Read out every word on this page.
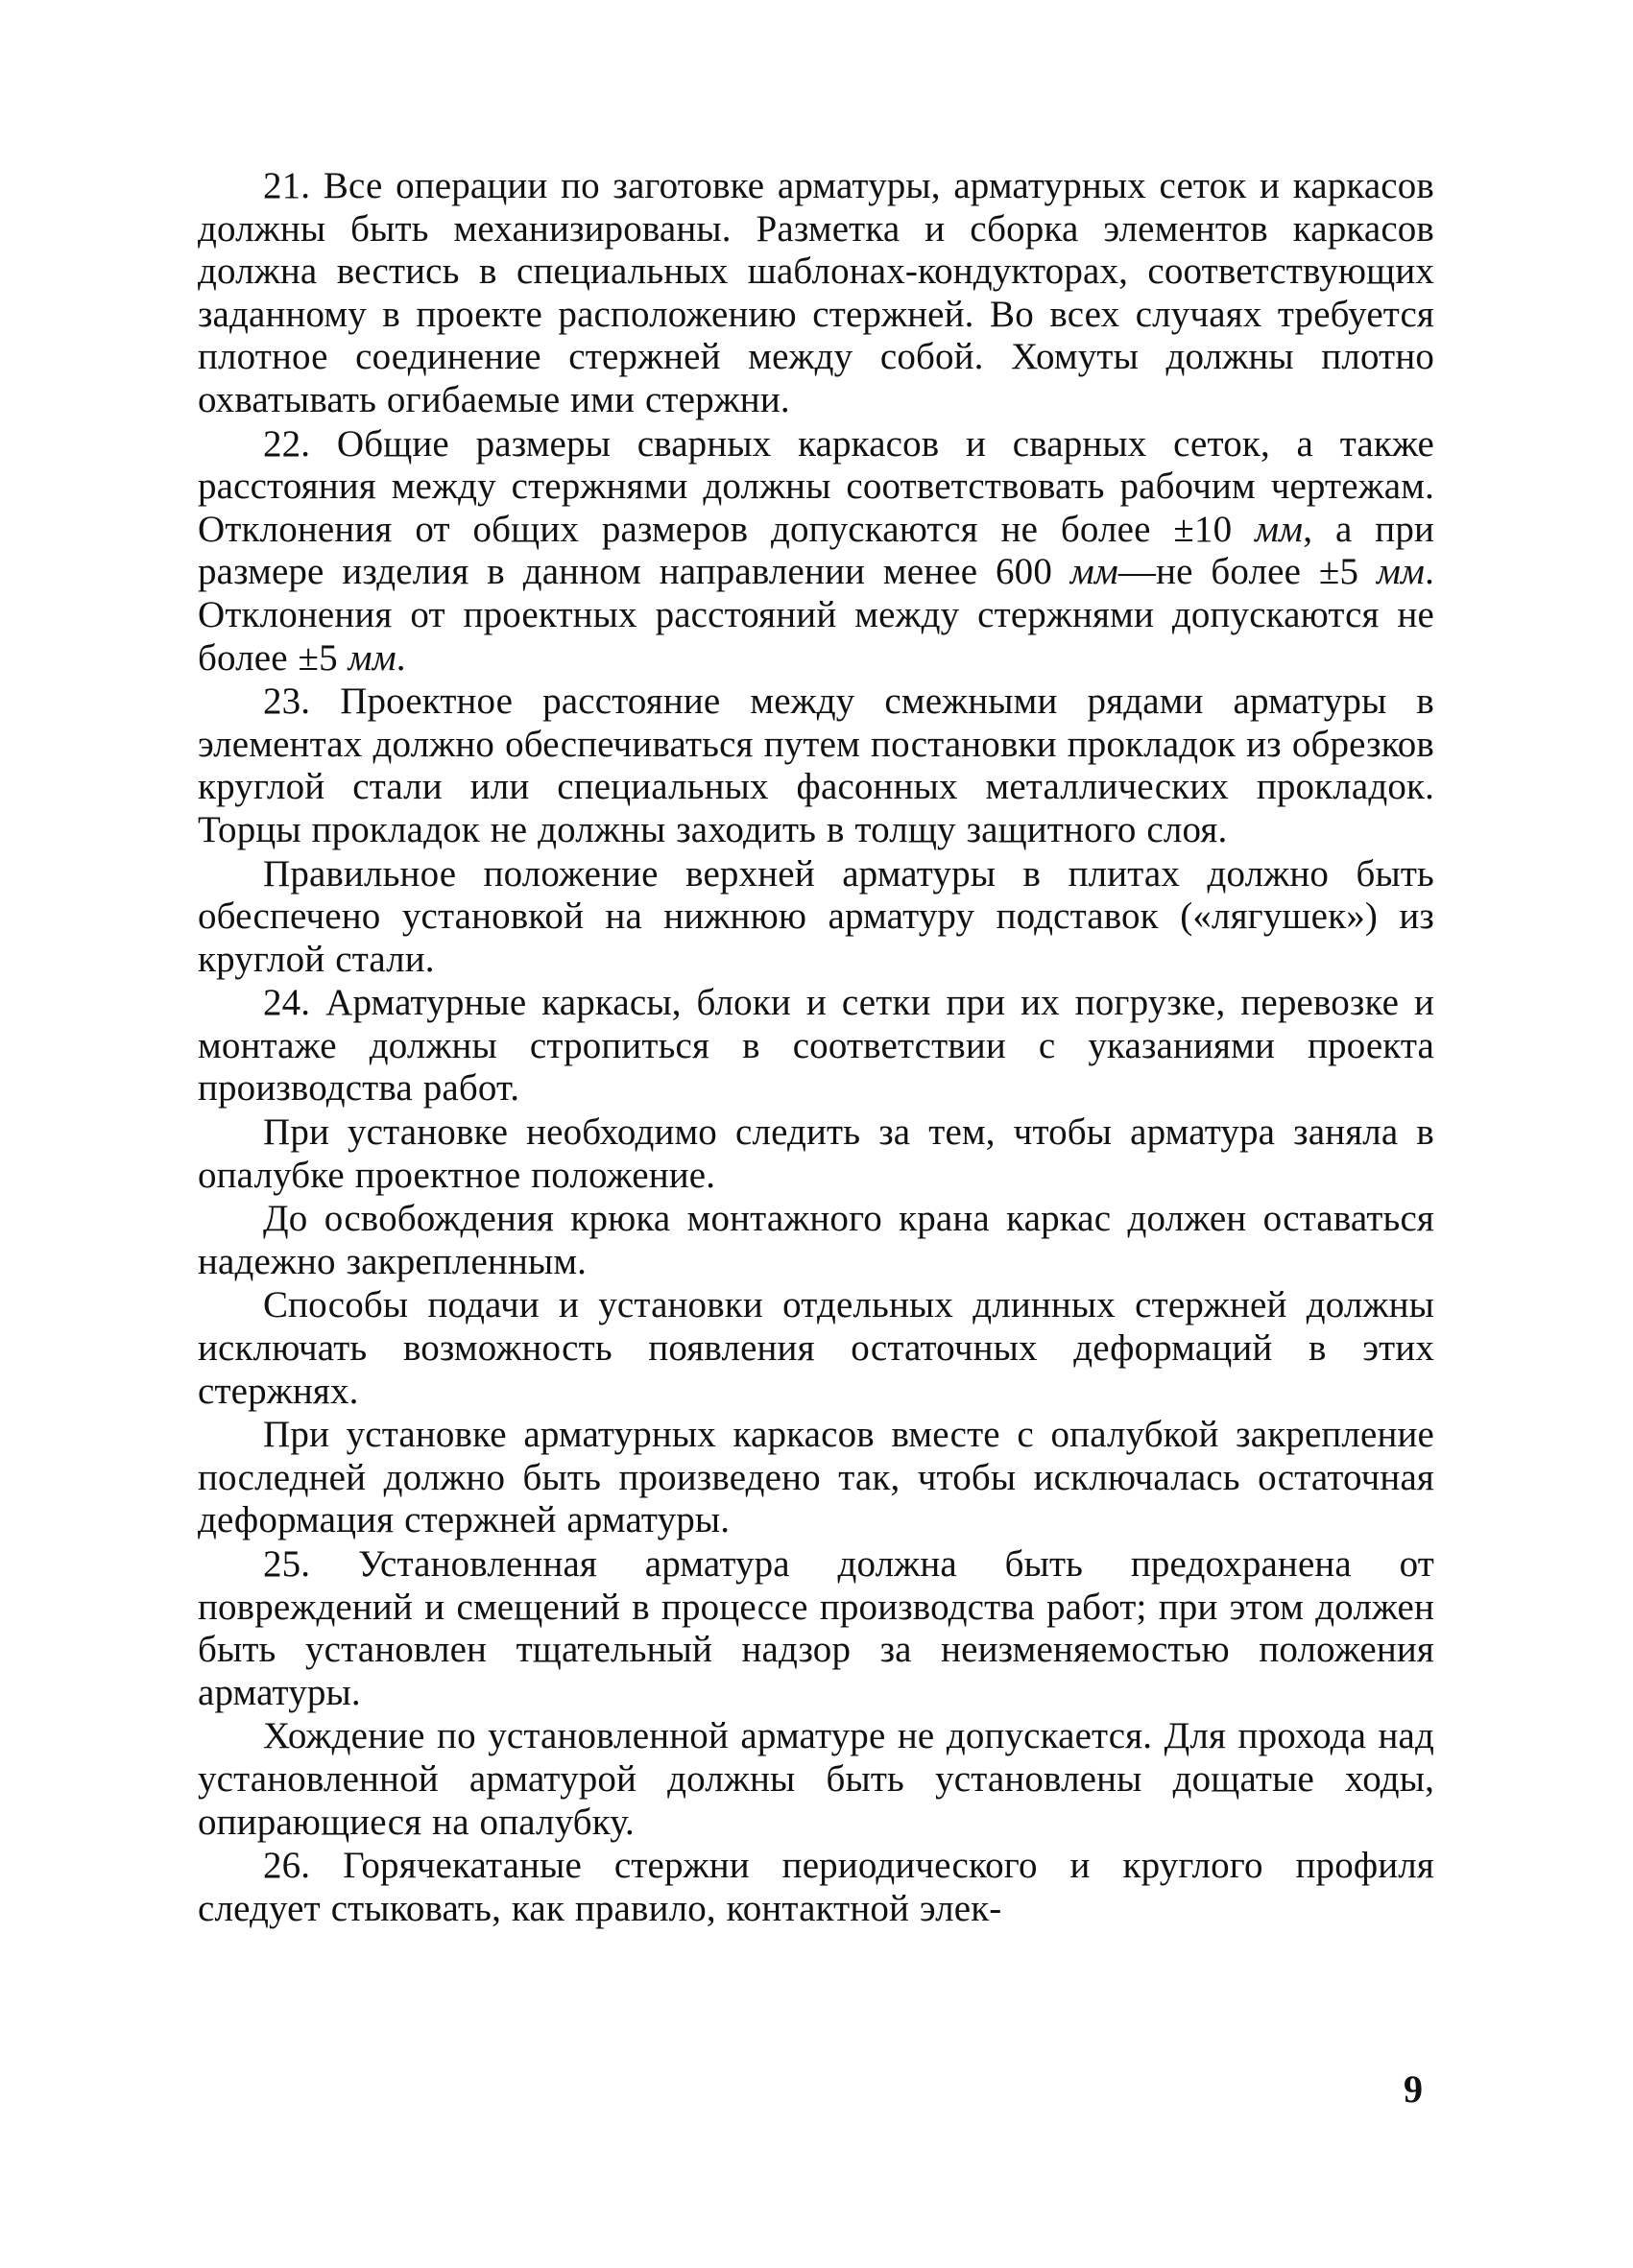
21. Все операции по заготовке арматуры, арматурных сеток и каркасов должны быть механизированы. Разметка и сборка элементов каркасов должна вестись в специальных шаблонах-кондукторах, соответствующих заданному в проекте расположению стержней. Во всех случаях требуется плотное соединение стержней между собой. Хомуты должны плотно охватывать огибаемые ими стержни.

22. Общие размеры сварных каркасов и сварных сеток, а также расстояния между стержнями должны соответствовать рабочим чертежам. Отклонения от общих размеров допускаются не более ±10 мм, а при размере изделия в данном направлении менее 600 мм—не более ±5 мм. Отклонения от проектных расстояний между стержнями допускаются не более ±5 мм.

23. Проектное расстояние между смежными рядами арматуры в элементах должно обеспечиваться путем постановки прокладок из обрезков круглой стали или специальных фасонных металлических прокладок. Торцы прокладок не должны заходить в толщу защитного слоя.

Правильное положение верхней арматуры в плитах должно быть обеспечено установкой на нижнюю арматуру подставок («лягушек») из круглой стали.

24. Арматурные каркасы, блоки и сетки при их погрузке, перевозке и монтаже должны стропиться в соответствии с указаниями проекта производства работ.

При установке необходимо следить за тем, чтобы арматура заняла в опалубке проектное положение.

До освобождения крюка монтажного крана каркас должен оставаться надежно закрепленным.

Способы подачи и установки отдельных длинных стержней должны исключать возможность появления остаточных деформаций в этих стержнях.

При установке арматурных каркасов вместе с опалубкой закрепление последней должно быть произведено так, чтобы исключалась остаточная деформация стержней арматуры.

25. Установленная арматура должна быть предохранена от повреждений и смещений в процессе производства работ; при этом должен быть установлен тщательный надзор за неизменяемостью положения арматуры.

Хождение по установленной арматуре не допускается. Для прохода над установленной арматурой должны быть установлены дощатые ходы, опирающиеся на опалубку.

26. Горячекатаные стержни периодического и круглого профиля следует стыковать, как правило, контактной элек-

9
